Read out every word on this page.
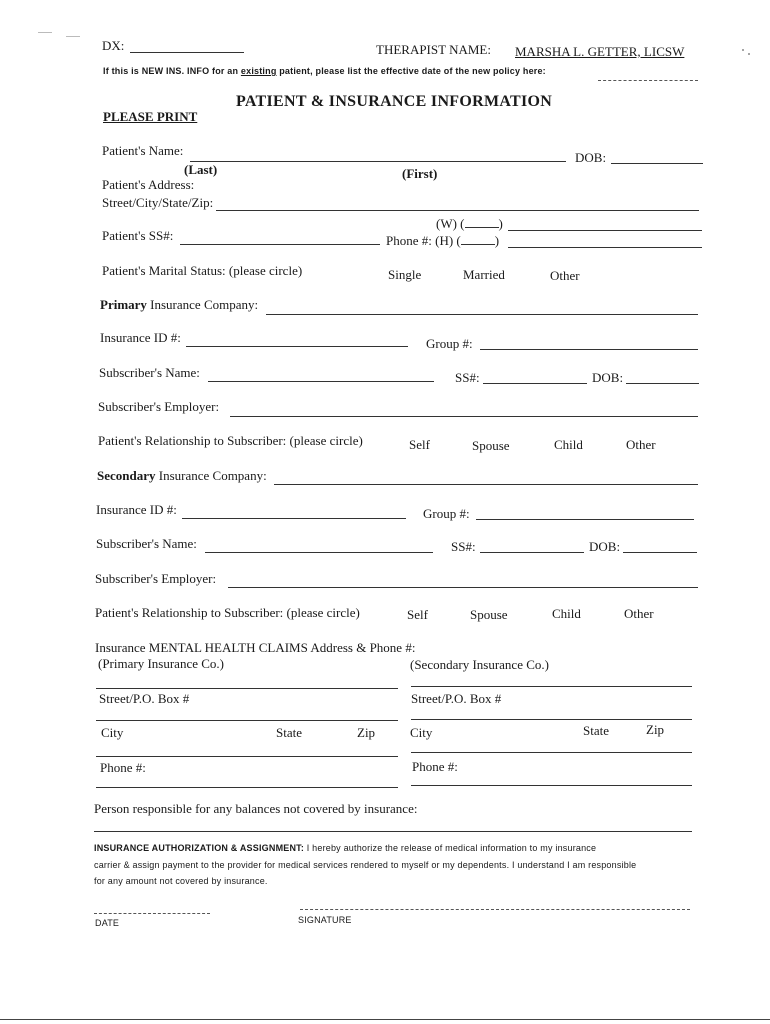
DX:	THERAPIST NAME: MARSHA L. GETTER, LICSW
If this is NEW INS. INFO for an existing patient, please list the effective date of the new policy here:
PATIENT & INSURANCE INFORMATION
PLEASE PRINT
Patient's Name:	DOB:
(Last)	(First)
Patient's Address:
Street/City/State/Zip:
(W) (	)
Patient's SS#:	Phone #: (H) (	)
Patient's Marital Status: (please circle)	Single	Married	Other
Primary Insurance Company:
Insurance ID #:	Group #:
Subscriber's Name:	SS#:	DOB:
Subscriber's Employer:
Patient's Relationship to Subscriber: (please circle)	Self	Spouse	Child	Other
Secondary Insurance Company:
Insurance ID #:	Group #:
Subscriber's Name:	SS#:	DOB:
Subscriber's Employer:
Patient's Relationship to Subscriber: (please circle)	Self	Spouse	Child	Other
Insurance MENTAL HEALTH CLAIMS Address & Phone #:
(Primary Insurance Co.)	(Secondary Insurance Co.)
Street/P.O. Box #	Street/P.O. Box #
City	State	Zip	City	State	Zip
Phone #:	Phone #:
Person responsible for any balances not covered by insurance:
INSURANCE AUTHORIZATION & ASSIGNMENT: I hereby authorize the release of medical information to my insurance
carrier & assign payment to the provider for medical services rendered to myself or my dependents. I understand I am responsible
for any amount not covered by insurance.
DATE	SIGNATURE
